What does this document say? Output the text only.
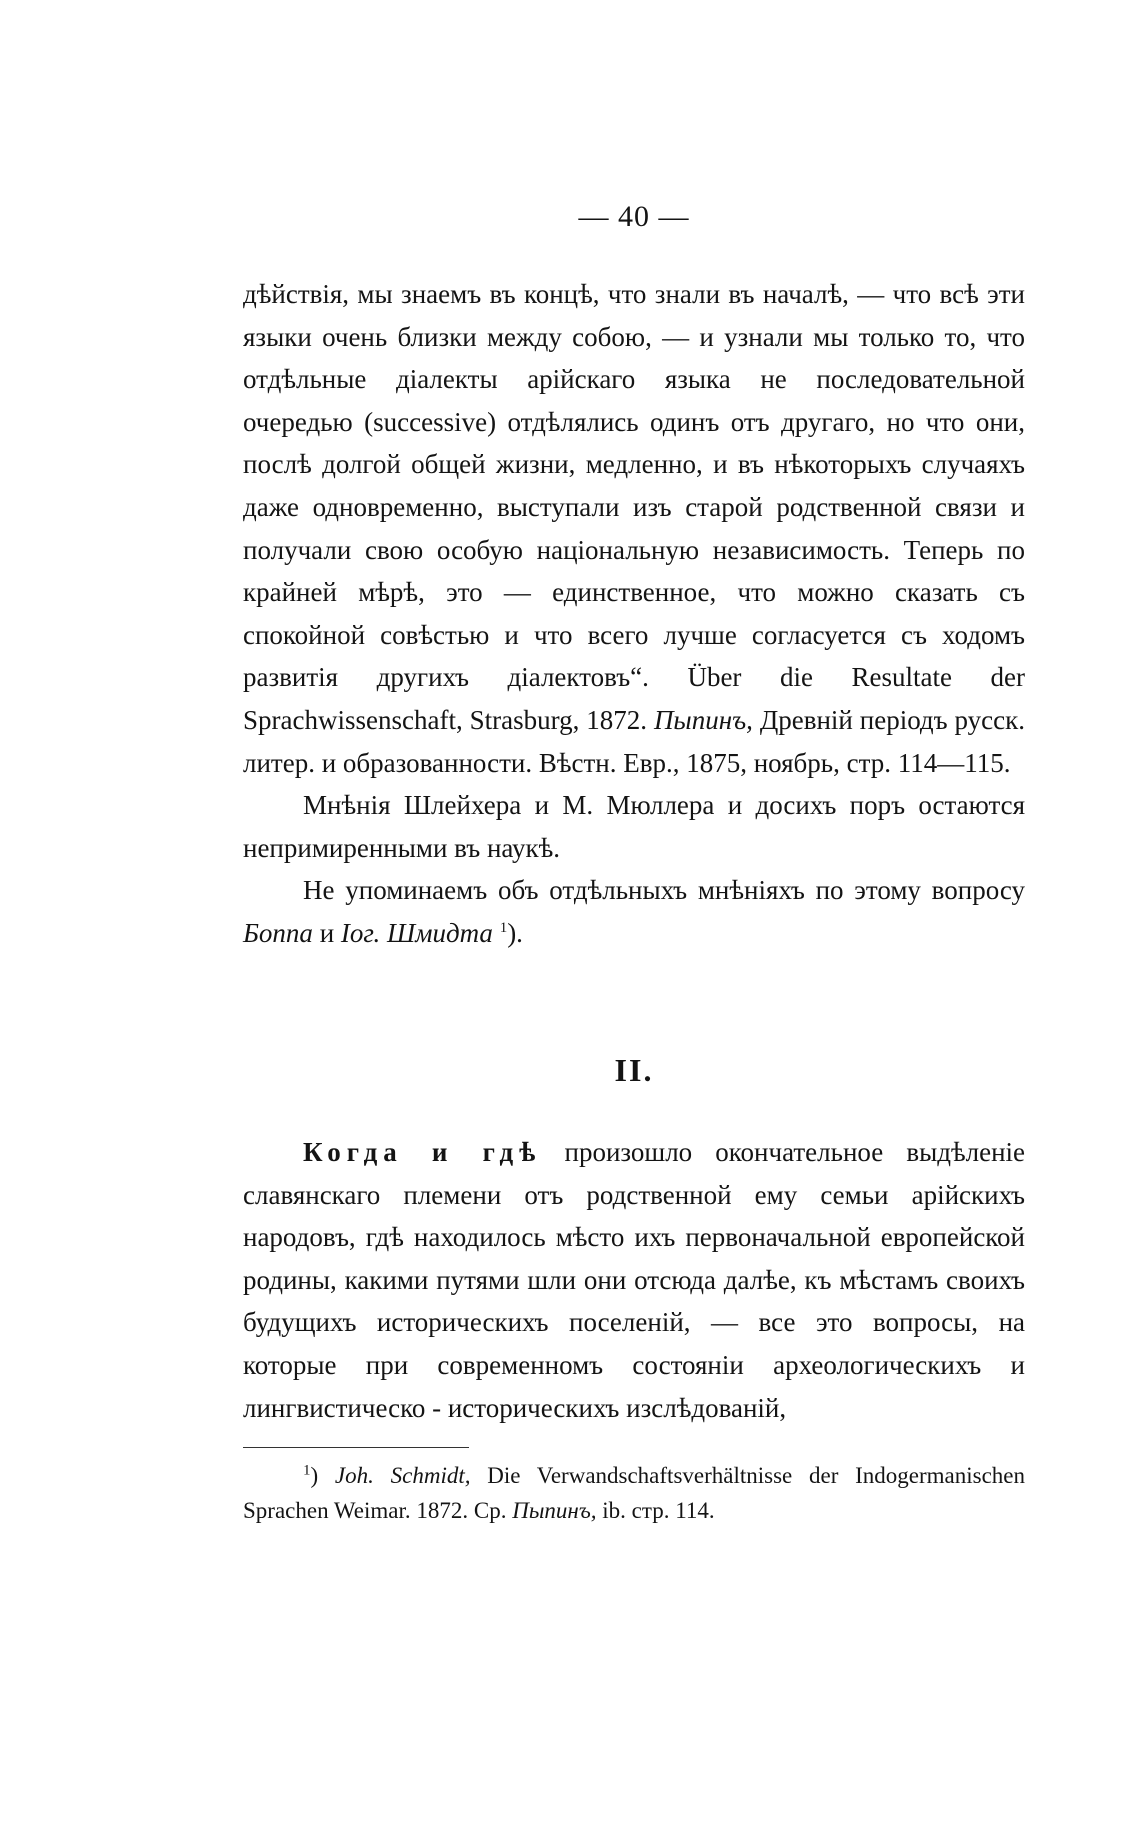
— 40 —

дѣйствія, мы знаемъ въ концѣ, что знали въ началѣ, — что всѣ эти языки очень близки между собою, — и узнали мы только то, что отдѣльные діалекты арійскаго языка не последовательной очередью (successive) отдѣлялись одинъ отъ другаго, но что они, послѣ долгой общей жизни, медленно, и въ нѣкоторыхъ случаяхъ даже одновременно, выступали изъ старой родственной связи и получали свою особую національную независимость. Теперь по крайней мѣрѣ, это — единственное, что можно сказать съ спокойной совѣстью и что всего лучше согласуется съ ходомъ развитія другихъ діалектовъ“. Über die Resultate der Sprachwissenschaft, Strasburg, 1872. Пыпинъ, Древній періодъ русск. литер. и образованности. Вѣстн. Евр., 1875, ноябрь, стр. 114—115.

Мнѣнія Шлейхера и М. Мюллера и досихъ поръ остаются непримиренными въ наукѣ.

Не упоминаемъ объ отдѣльныхъ мнѣніяхъ по этому вопросу Боппа и Іог. Шмидта $^1$).

II.

Когда и гдѣ произошло окончательное выдѣленіе славянскаго племени отъ родственной ему семьи арійскихъ народовъ, гдѣ находилось мѣсто ихъ первоначальной европейской родины, какими путями шли они отсюда далѣе, къ мѣстамъ своихъ будущихъ историческихъ поселеній, — все это вопросы, на которые при современномъ состояніи археологическихъ и лингвистическо - историческихъ изслѣдованій,

$^1$) Joh. Schmidt, Die Verwandschaftsverhältnisse der Indogermanischen Sprachen Weimar. 1872. Ср. Пыпинъ, ib. стр. 114.
